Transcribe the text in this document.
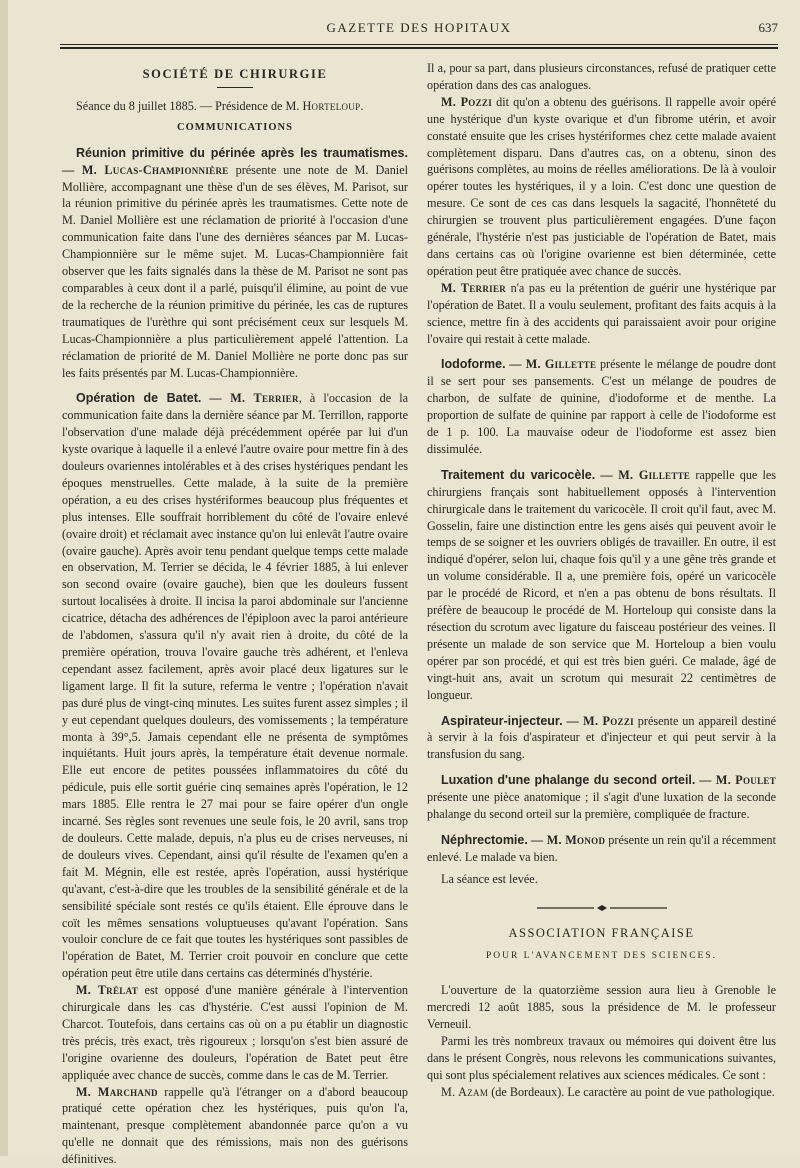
GAZETTE DES HOPITAUX	637
SOCIÉTÉ DE CHIRURGIE

Séance du 8 juillet 1885. — Présidence de M. Horteloup.

COMMUNICATIONS

Réunion primitive du périnée après les traumatismes. — M. Lucas-Championnière présente une note de M. Daniel Mollière, accompagnant une thèse d'un de ses élèves, M. Parisot, sur la réunion primitive du périnée après les traumatismes. Cette note de M. Daniel Mollière est une réclamation de priorité à l'occasion d'une communication faite dans l'une des dernières séances par M. Lucas-Championnière sur le même sujet. M. Lucas-Championnière fait observer que les faits signalés dans la thèse de M. Parisot ne sont pas comparables à ceux dont il a parlé, puisqu'il élimine, au point de vue de la recherche de la réunion primitive du périnée, les cas de ruptures traumatiques de l'urèthre qui sont précisément ceux sur lesquels M. Lucas-Championnière a plus particulièrement appelé l'attention. La réclamation de priorité de M. Daniel Mollière ne porte donc pas sur les faits présentés par M. Lucas-Championnière.

Opération de Batet. — M. Terrier, à l'occasion de la communication faite dans la dernière séance par M. Terrillon, rapporte l'observation d'une malade déjà précédemment opérée par lui d'un kyste ovarique à laquelle il a enlevé l'autre ovaire pour mettre fin à des douleurs ovariennes intolérables et à des crises hystériques pendant les époques menstruelles. Cette malade, à la suite de la première opération, a eu des crises hystériformes beaucoup plus fréquentes et plus intenses. Elle souffrait horriblement du côté de l'ovaire enlevé (ovaire droit) et réclamait avec instance qu'on lui enlevât l'autre ovaire (ovaire gauche). Après avoir tenu pendant quelque temps cette malade en observation, M. Terrier se décida, le 4 février 1885, à lui enlever son second ovaire (ovaire gauche), bien que les douleurs fussent surtout localisées à droite. Il incisa la paroi abdominale sur l'ancienne cicatrice, détacha des adhérences de l'épiploon avec la paroi antérieure de l'abdomen, s'assura qu'il n'y avait rien à droite, du côté de la première opération, trouva l'ovaire gauche très adhérent, et l'enleva cependant assez facilement, après avoir placé deux ligatures sur le ligament large. Il fit la suture, referma le ventre ; l'opération n'avait pas duré plus de vingt-cinq minutes. Les suites furent assez simples ; il y eut cependant quelques douleurs, des vomissements ; la température monta à 39°,5. Jamais cependant elle ne présenta de symptômes inquiétants. Huit jours après, la température était devenue normale. Elle eut encore de petites poussées inflammatoires du côté du pédicule, puis elle sortit guérie cinq semaines après l'opération, le 12 mars 1885. Elle rentra le 27 mai pour se faire opérer d'un ongle incarné. Ses règles sont revenues une seule fois, le 20 avril, sans trop de douleurs. Cette malade, depuis, n'a plus eu de crises nerveuses, ni de douleurs vives. Cependant, ainsi qu'il résulte de l'examen qu'en a fait M. Mégnin, elle est restée, après l'opération, aussi hystérique qu'avant, c'est-à-dire que les troubles de la sensibilité générale et de la sensibilité spéciale sont restés ce qu'ils étaient. Elle éprouve dans le coït les mêmes sensations voluptueuses qu'avant l'opération. Sans vouloir conclure de ce fait que toutes les hystériques sont passibles de l'opération de Batet, M. Terrier croit pouvoir en conclure que cette opération peut être utile dans certains cas déterminés d'hystérie.

M. Trélat est opposé d'une manière générale à l'intervention chirurgicale dans les cas d'hystérie. C'est aussi l'opinion de M. Charcot. Toutefois, dans certains cas où on a pu établir un diagnostic très précis, très exact, très rigoureux ; lorsqu'on s'est bien assuré de l'origine ovarienne des douleurs, l'opération de Batet peut être appliquée avec chance de succès, comme dans le cas de M. Terrier.

M. Marchand rappelle qu'à l'étranger on a d'abord beaucoup pratiqué cette opération chez les hystériques, puis qu'on l'a, maintenant, presque complètement abandonnée parce qu'on a vu qu'elle ne donnait que des rémissions, mais non des guérisons définitives.

Il a, pour sa part, dans plusieurs circonstances, refusé de pratiquer cette opération dans des cas analogues.

M. Pozzi dit qu'on a obtenu des guérisons. Il rappelle avoir opéré une hystérique d'un kyste ovarique et d'un fibrome utérin, et avoir constaté ensuite que les crises hystériformes chez cette malade avaient complètement disparu. Dans d'autres cas, on a obtenu, sinon des guérisons complètes, au moins de réelles améliorations. De là à vouloir opérer toutes les hystériques, il y a loin. C'est donc une question de mesure. Ce sont de ces cas dans lesquels la sagacité, l'honnêteté du chirurgien se trouvent plus particulièrement engagées. D'une façon générale, l'hystérie n'est pas justiciable de l'opération de Batet, mais dans certains cas où l'origine ovarienne est bien déterminée, cette opération peut être pratiquée avec chance de succès.

M. Terrier n'a pas eu la prétention de guérir une hystérique par l'opération de Batet. Il a voulu seulement, profitant des faits acquis à la science, mettre fin à des accidents qui paraissaient avoir pour origine l'ovaire qui restait à cette malade.

Iodoforme. — M. Gillette présente le mélange de poudre dont il se sert pour ses pansements. C'est un mélange de poudres de charbon, de sulfate de quinine, d'iodoforme et de menthe. La proportion de sulfate de quinine par rapport à celle de l'iodoforme est de 1 p. 100. La mauvaise odeur de l'iodoforme est assez bien dissimulée.

Traitement du varicocèle. — M. Gillette rappelle que les chirurgiens français sont habituellement opposés à l'intervention chirurgicale dans le traitement du varicocèle. Il croit qu'il faut, avec M. Gosselin, faire une distinction entre les gens aisés qui peuvent avoir le temps de se soigner et les ouvriers obligés de travailler. En outre, il est indiqué d'opérer, selon lui, chaque fois qu'il y a une gêne très grande et un volume considérable. Il a, une première fois, opéré un varicocèle par le procédé de Ricord, et n'en a pas obtenu de bons résultats. Il préfère de beaucoup le procédé de M. Horteloup qui consiste dans la résection du scrotum avec ligature du faisceau postérieur des veines. Il présente un malade de son service que M. Horteloup a bien voulu opérer par son procédé, et qui est très bien guéri. Ce malade, âgé de vingt-huit ans, avait un scrotum qui mesurait 22 centimètres de longueur.

Aspirateur-injecteur. — M. Pozzi présente un appareil destiné à servir à la fois d'aspirateur et d'injecteur et qui peut servir à la transfusion du sang.

Luxation d'une phalange du second orteil. — M. Poulet présente une pièce anatomique ; il s'agit d'une luxation de la seconde phalange du second orteil sur la première, compliquée de fracture.

Néphrectomie. — M. Monod présente un rein qu'il a récemment enlevé. Le malade va bien.

La séance est levée.

ASSOCIATION FRANÇAISE
POUR L'AVANCEMENT DES SCIENCES.

L'ouverture de la quatorzième session aura lieu à Grenoble le mercredi 12 août 1885, sous la présidence de M. le professeur Verneuil.

Parmi les très nombreux travaux ou mémoires qui doivent être lus dans le présent Congrès, nous relevons les communications suivantes, qui sont plus spécialement relatives aux sciences médicales. Ce sont :

M. Azam (de Bordeaux). Le caractère au point de vue pathologique.
